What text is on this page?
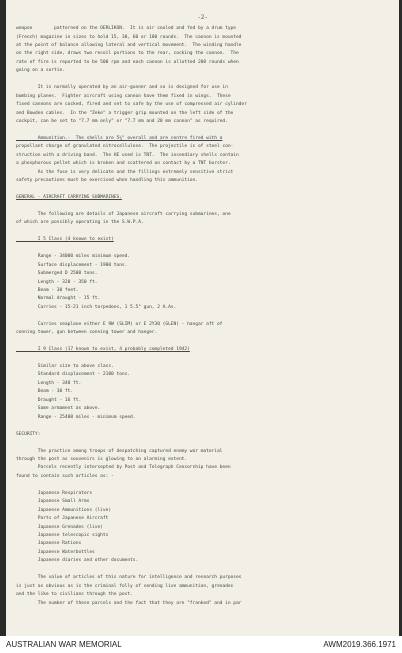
-2-
weapon        patterned on the OERLIKON.  It is air cooled and fed by a drum type
(French) magazine in sizes to hold 15, 30, 60 or 100 rounds.  The cannon is mounted
at the point of balance allowing lateral and vertical movement.  The winding handle
on the right side, draws two recoil portions to the rear, cocking the cannon.  The
rate of fire is reported to be 500 rpm and each cannon is allotted 200 rounds when
going on a sortie.
It is normally operated by an air-gunner and so is designed for use in
bombing planes.  Fighter aircraft using cannon have them fixed in wings.  These
fixed cannons are cocked, fired and set to safe by the use of compressed air cylinder
and Bowden cables.  In the "Zeke" a trigger grip mounted on the left side of the
cockpit, can be set to "7.7 mm only" or "7.7 mm and 20 mm cannon" as required.
Ammunition.-  The shells are 5¼" overall and are centre fired with a
propellant charge of granulated nitrocellulose.  The projectile is of steel con-
struction with a driving band.  The HE used is TNT.  The incendiary shells contain
a phosphorous pellet which is broken and scattered on contact by a TNT burster.
As the fuse is very delicate and the fillings extremely sensitive strict
safety precautions must be exercised when handling this ammunition.
GENERAL - AIRCRAFT CARRYING SUBMARINES.
The following are details of Japanese aircraft carrying submarines, one
of which are possibly operating in the S.W.P.A.
I 5 Class (4 known to exist)
Range - 34000 miles minimum speed.
Surface displacement - 1900 tons.
Submerged D 2500 tons.
Length - 320 - 350 ft.
Beam - 30 feet.
Normal draught - 15 ft.
Carries - 15-21 inch torpedoes, 1 5.5" gun, 2 A.As.
Carries seaplane either E 9W (SLIM) or E 2Y30 (GLEN) - hangar aft of
conning tower, gun between conning tower and hanger.
I 9 Class (17 known to exist, 4 probably completed 1942)
Similar size to above class.
Standard displacement - 2100 tons.
Length - 348 ft.
Beam - 30 ft.
Draught - 16 ft.
Same armament as above.
Range - 25400 miles - minimum speed.
SECURITY:
The practice among troops of despatching captured enemy war material
through the post as souvenirs is glowing to an alarming extent.
Parcels recently intercepted by Post and Telegraph Censorship have been
found to contain such articles as: -
Japanese Respirators
Japanese Small Arms
Japanese Ammunitions (live)
Parts of Japanese Aircraft
Japanese Grenades (live)
Japanese telescopic sights
Japanese Rations
Japanese Waterbottles
Japanese diaries and other documents.
The value of articles of this nature for intelligence and research purposes
is just as obvious as is the criminal folly of sending live ammunition, grenades
and the like to civilians through the post.
The number of these parcels and the fact that they are "franked" and in par
AUSTRALIAN WAR MEMORIAL	AWM2019.366.1971
